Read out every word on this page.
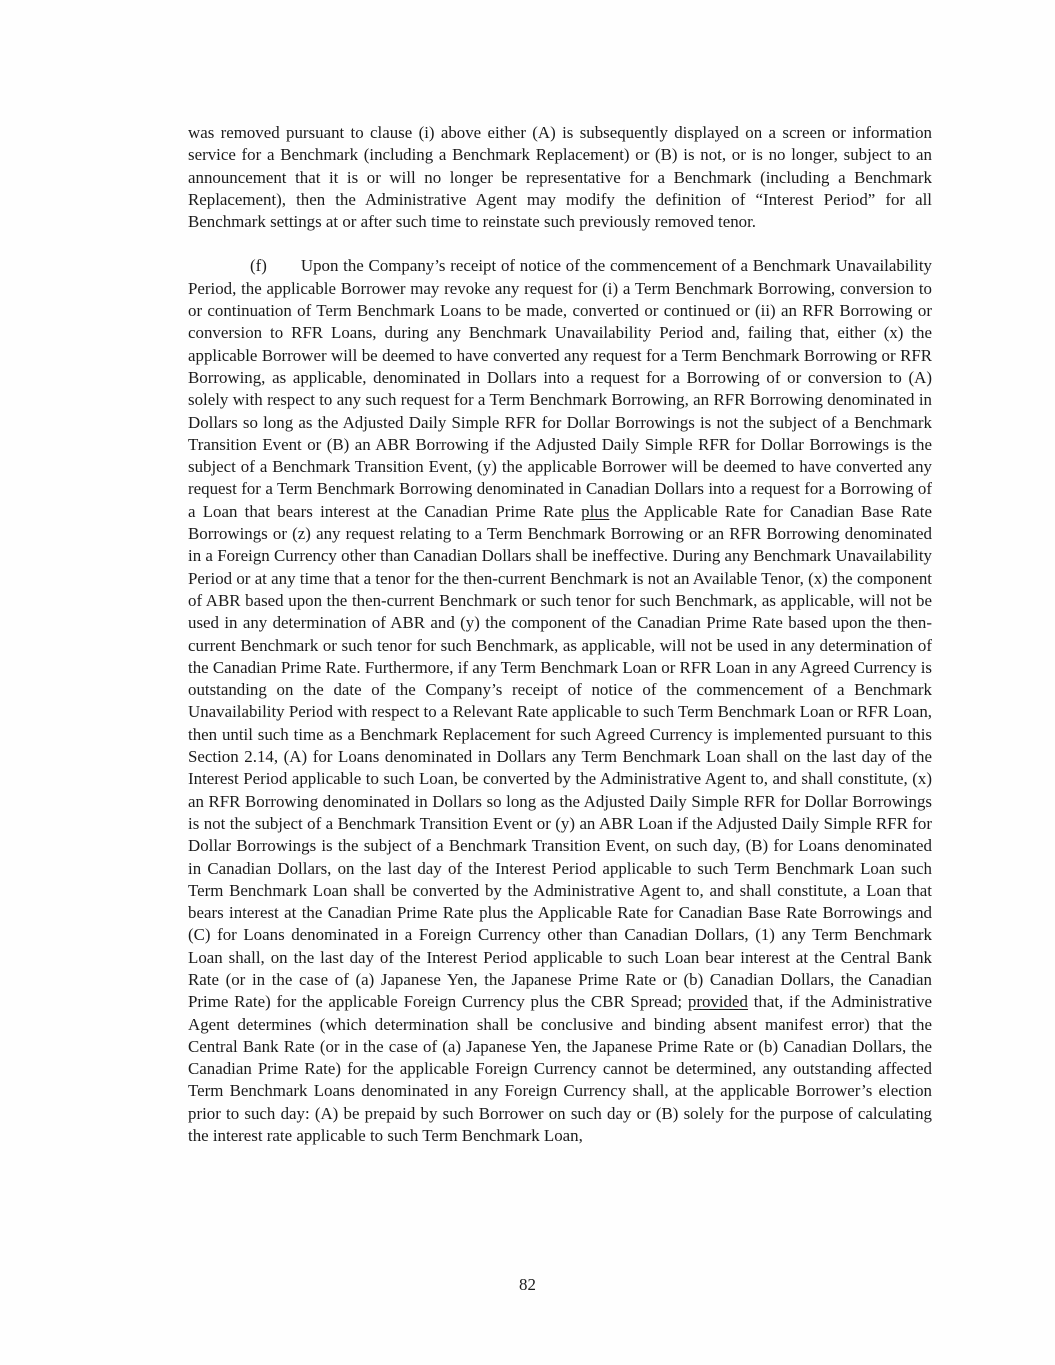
was removed pursuant to clause (i) above either (A) is subsequently displayed on a screen or information service for a Benchmark (including a Benchmark Replacement) or (B) is not, or is no longer, subject to an announcement that it is or will no longer be representative for a Benchmark (including a Benchmark Replacement), then the Administrative Agent may modify the definition of “Interest Period” for all Benchmark settings at or after such time to reinstate such previously removed tenor.

(f) Upon the Company’s receipt of notice of the commencement of a Benchmark Unavailability Period, the applicable Borrower may revoke any request for (i) a Term Benchmark Borrowing, conversion to or continuation of Term Benchmark Loans to be made, converted or continued or (ii) an RFR Borrowing or conversion to RFR Loans, during any Benchmark Unavailability Period and, failing that, either (x) the applicable Borrower will be deemed to have converted any request for a Term Benchmark Borrowing or RFR Borrowing, as applicable, denominated in Dollars into a request for a Borrowing of or conversion to (A) solely with respect to any such request for a Term Benchmark Borrowing, an RFR Borrowing denominated in Dollars so long as the Adjusted Daily Simple RFR for Dollar Borrowings is not the subject of a Benchmark Transition Event or (B) an ABR Borrowing if the Adjusted Daily Simple RFR for Dollar Borrowings is the subject of a Benchmark Transition Event, (y) the applicable Borrower will be deemed to have converted any request for a Term Benchmark Borrowing denominated in Canadian Dollars into a request for a Borrowing of a Loan that bears interest at the Canadian Prime Rate plus the Applicable Rate for Canadian Base Rate Borrowings or (z) any request relating to a Term Benchmark Borrowing or an RFR Borrowing denominated in a Foreign Currency other than Canadian Dollars shall be ineffective. During any Benchmark Unavailability Period or at any time that a tenor for the then-current Benchmark is not an Available Tenor, (x) the component of ABR based upon the then-current Benchmark or such tenor for such Benchmark, as applicable, will not be used in any determination of ABR and (y) the component of the Canadian Prime Rate based upon the then-current Benchmark or such tenor for such Benchmark, as applicable, will not be used in any determination of the Canadian Prime Rate. Furthermore, if any Term Benchmark Loan or RFR Loan in any Agreed Currency is outstanding on the date of the Company’s receipt of notice of the commencement of a Benchmark Unavailability Period with respect to a Relevant Rate applicable to such Term Benchmark Loan or RFR Loan, then until such time as a Benchmark Replacement for such Agreed Currency is implemented pursuant to this Section 2.14, (A) for Loans denominated in Dollars any Term Benchmark Loan shall on the last day of the Interest Period applicable to such Loan, be converted by the Administrative Agent to, and shall constitute, (x) an RFR Borrowing denominated in Dollars so long as the Adjusted Daily Simple RFR for Dollar Borrowings is not the subject of a Benchmark Transition Event or (y) an ABR Loan if the Adjusted Daily Simple RFR for Dollar Borrowings is the subject of a Benchmark Transition Event, on such day, (B) for Loans denominated in Canadian Dollars, on the last day of the Interest Period applicable to such Term Benchmark Loan such Term Benchmark Loan shall be converted by the Administrative Agent to, and shall constitute, a Loan that bears interest at the Canadian Prime Rate plus the Applicable Rate for Canadian Base Rate Borrowings and (C) for Loans denominated in a Foreign Currency other than Canadian Dollars, (1) any Term Benchmark Loan shall, on the last day of the Interest Period applicable to such Loan bear interest at the Central Bank Rate (or in the case of (a) Japanese Yen, the Japanese Prime Rate or (b) Canadian Dollars, the Canadian Prime Rate) for the applicable Foreign Currency plus the CBR Spread; provided that, if the Administrative Agent determines (which determination shall be conclusive and binding absent manifest error) that the Central Bank Rate (or in the case of (a) Japanese Yen, the Japanese Prime Rate or (b) Canadian Dollars, the Canadian Prime Rate) for the applicable Foreign Currency cannot be determined, any outstanding affected Term Benchmark Loans denominated in any Foreign Currency shall, at the applicable Borrower’s election prior to such day: (A) be prepaid by such Borrower on such day or (B) solely for the purpose of calculating the interest rate applicable to such Term Benchmark Loan,

82
